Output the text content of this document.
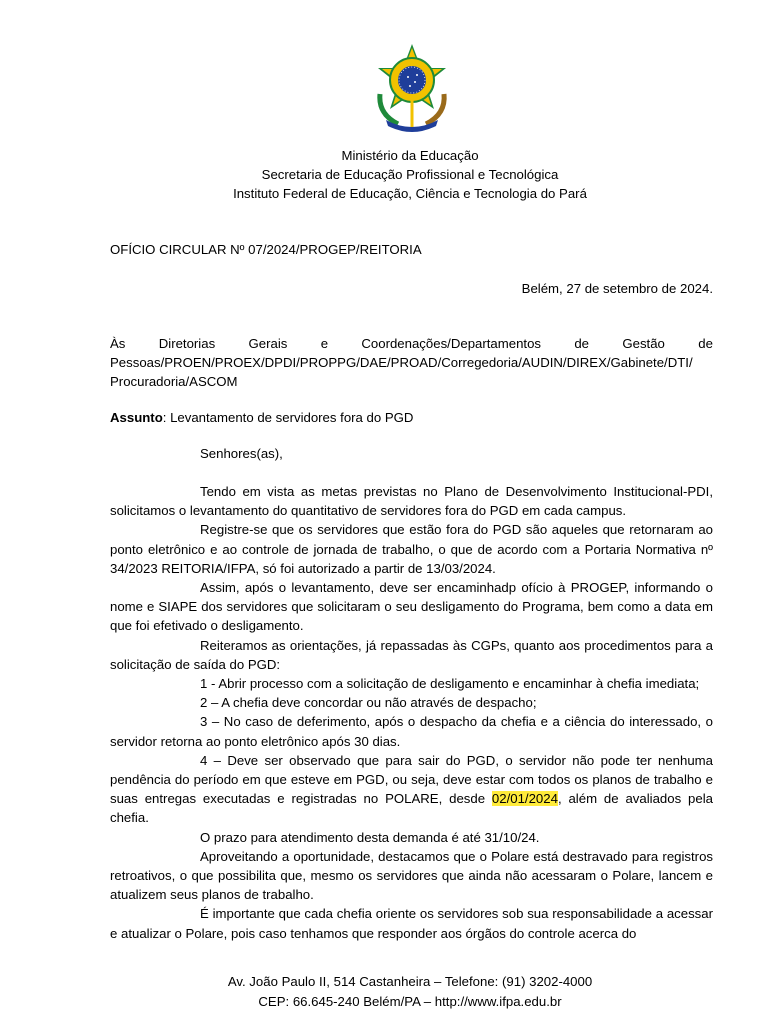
Ministério da Educação
Secretaria de Educação Profissional e Tecnológica
Instituto Federal de Educação, Ciência e Tecnologia do Pará
OFÍCIO CIRCULAR Nº 07/2024/PROGEP/REITORIA
Belém, 27 de setembro de 2024.
Às	Diretorias	Gerais	e	Coordenações/Departamentos	de	Gestão	de
Pessoas/PROEN/PROEX/DPDI/PROPPG/DAE/PROAD/Corregedoria/AUDIN/DIREX/Gabinete/DTI/
Procuradoria/ASCOM
Assunto: Levantamento de servidores fora do PGD
Senhores(as),

Tendo em vista as metas previstas no Plano de Desenvolvimento Institucional-PDI, solicitamos o levantamento do quantitativo de servidores fora do PGD em cada campus.

Registre-se que os servidores que estão fora do PGD são aqueles que retornaram ao ponto eletrônico e ao controle de jornada de trabalho, o que de acordo com a Portaria Normativa nº 34/2023 REITORIA/IFPA, só foi autorizado a partir de 13/03/2024.

Assim, após o levantamento, deve ser encaminhadp ofício à PROGEP, informando o nome e SIAPE dos servidores que solicitaram o seu desligamento do Programa, bem como a data em que foi efetivado o desligamento.

Reiteramos as orientações, já repassadas às CGPs, quanto aos procedimentos para a solicitação de saída do PGD:

1 - Abrir processo com a solicitação de desligamento e encaminhar à chefia imediata;

2 – A chefia deve concordar ou não através de despacho;

3 – No caso de deferimento, após o despacho da chefia e a ciência do interessado, o servidor retorna ao ponto eletrônico após 30 dias.

4 – Deve ser observado que para sair do PGD, o servidor não pode ter nenhuma pendência do período em que esteve em PGD, ou seja, deve estar com todos os planos de trabalho e suas entregas executadas e registradas no POLARE, desde 02/01/2024, além de avaliados pela chefia.

O prazo para atendimento desta demanda é até 31/10/24.

Aproveitando a oportunidade, destacamos que o Polare está destravado para registros retroativos, o que possibilita que, mesmo os servidores que ainda não acessaram o Polare, lancem e atualizem seus planos de trabalho.

É importante que cada chefia oriente os servidores sob sua responsabilidade a acessar e atualizar o Polare, pois caso tenhamos que responder aos órgãos do controle acerca do

Av. João Paulo II, 514 Castanheira – Telefone: (91) 3202-4000
CEP: 66.645-240 Belém/PA – http://www.ifpa.edu.br
